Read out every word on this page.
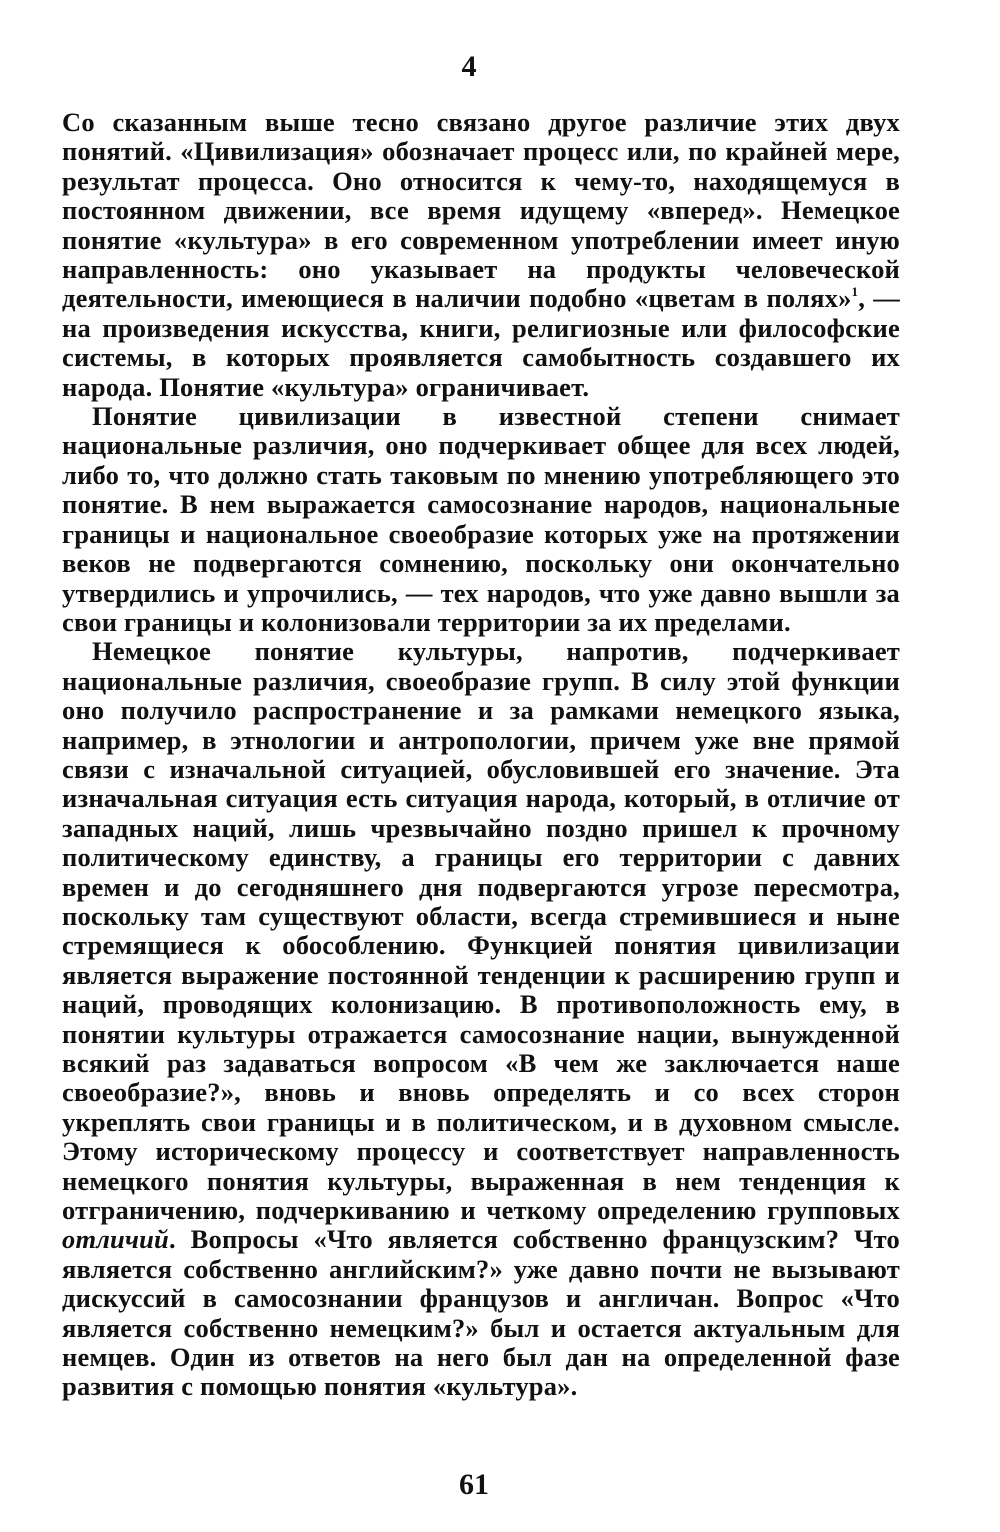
4

Со сказанным выше тесно связано другое различие этих двух понятий. «Цивилизация» обозначает процесс или, по крайней мере, результат процесса. Оно относится к чему-то, находящемуся в постоянном движении, все время идущему «вперед». Немецкое понятие «культура» в его современном употреблении имеет иную направленность: оно указывает на продукты человеческой деятельности, имеющиеся в наличии подобно «цветам в полях»$^1$, — на произведения искусства, книги, религиозные или философские системы, в которых проявляется самобытность создавшего их народа. Понятие «культура» ограничивает.

Понятие цивилизации в известной степени снимает национальные различия, оно подчеркивает общее для всех людей, либо то, что должно стать таковым по мнению употребляющего это понятие. В нем выражается самосознание народов, национальные границы и национальное своеобразие которых уже на протяжении веков не подвергаются сомнению, поскольку они окончательно утвердились и упрочились, — тех народов, что уже давно вышли за свои границы и колонизовали территории за их пределами.

Немецкое понятие культуры, напротив, подчеркивает национальные различия, своеобразие групп. В силу этой функции оно получило распространение и за рамками немецкого языка, например, в этнологии и антропологии, причем уже вне прямой связи с изначальной ситуацией, обусловившей его значение. Эта изначальная ситуация есть ситуация народа, который, в отличие от западных наций, лишь чрезвычайно поздно пришел к прочному политическому единству, а границы его территории с давних времен и до сегодняшнего дня подвергаются угрозе пересмотра, поскольку там существуют области, всегда стремившиеся и ныне стремящиеся к обособлению. Функцией понятия цивилизации является выражение постоянной тенденции к расширению групп и наций, проводящих колонизацию. В противоположность ему, в понятии культуры отражается самосознание нации, вынужденной всякий раз задаваться вопросом «В чем же заключается наше своеобразие?», вновь и вновь определять и со всех сторон укреплять свои границы и в политическом, и в духовном смысле. Этому историческому процессу и соответствует направленность немецкого понятия культуры, выраженная в нем тенденция к отграничению, подчеркиванию и четкому определению групповых отличий. Вопросы «Что является собственно французским? Что является собственно английским?» уже давно почти не вызывают дискуссий в самосознании французов и англичан. Вопрос «Что является собственно немецким?» был и остается актуальным для немцев. Один из ответов на него был дан на определенной фазе развития с помощью понятия «культура».

61
